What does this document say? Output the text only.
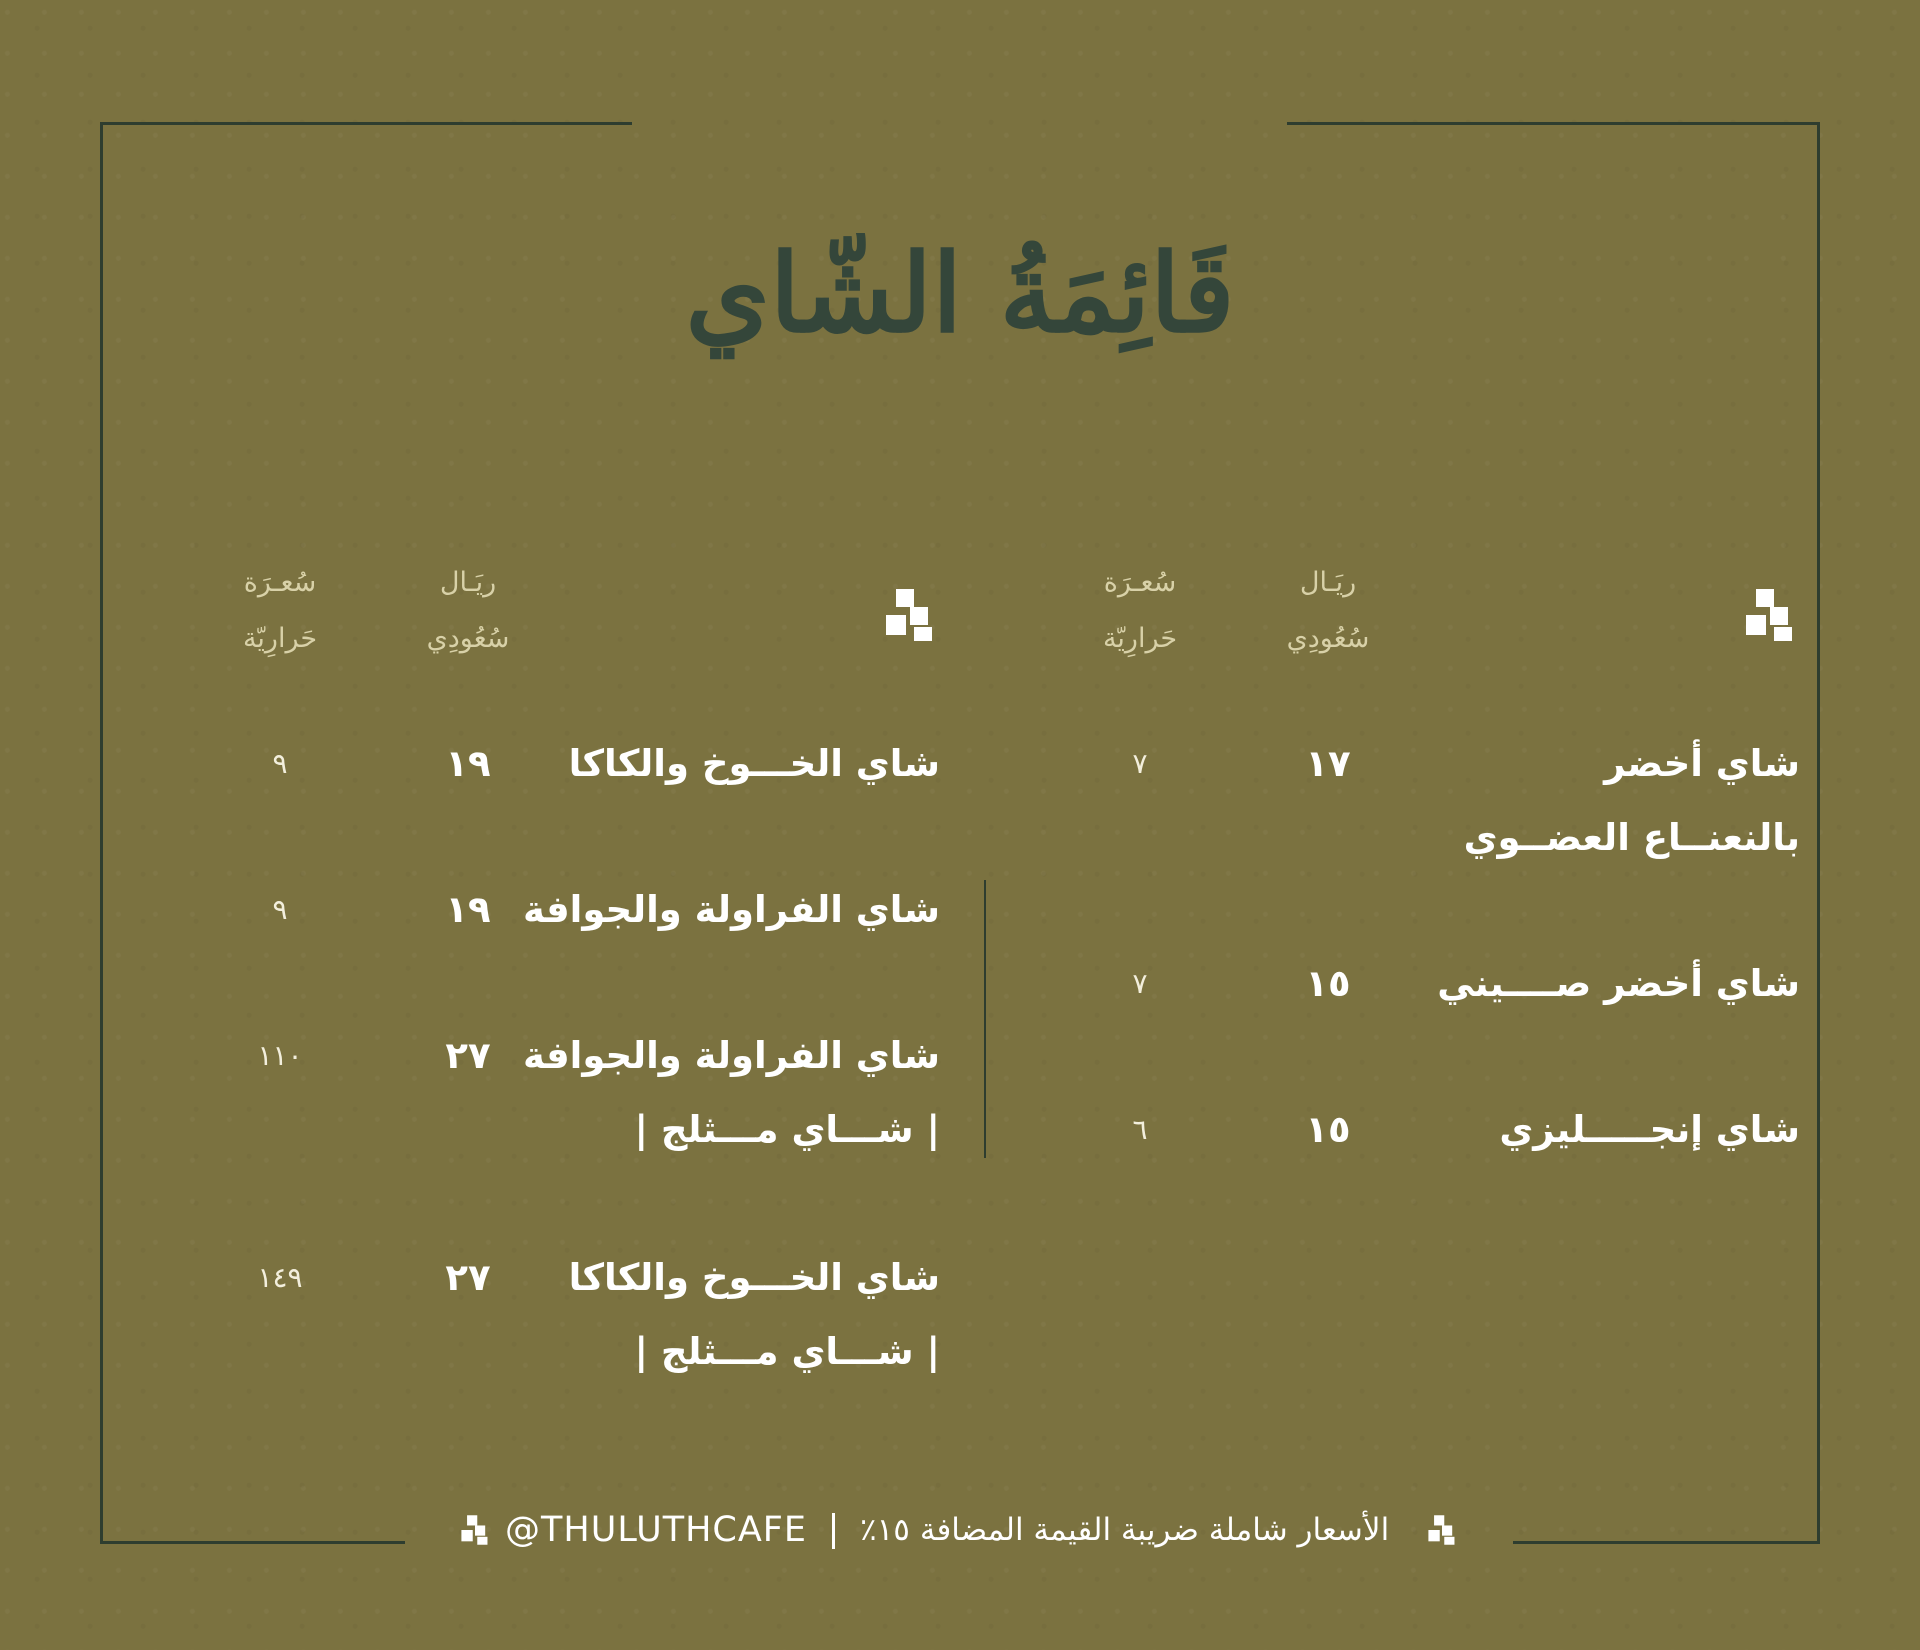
قَائِمَةُ الشّاي
ريَـال
سُعُودِي
سُعـرَة
حَرارِيّة
شاي أخضر
بالنعنــاع العضــوي
١٧
٧
شاي أخضر صــــيني
١٥
٧
شاي إنجـــــليزي
١٥
٦
ريَـال
سُعُودِي
سُعـرَة
حَرارِيّة
شاي الخـــوخ والكاكا
١٩
٩
شاي الفراولة والجوافة
١٩
٩
شاي الفراولة والجوافة
| شـــاي مـــثلج |
٢٧
١١٠
شاي الخـــوخ والكاكا
| شـــاي مـــثلج |
٢٧
١٤٩
@THULUTHCAFE الأسعار شاملة ضريبة القيمة المضافة ١٥٪
